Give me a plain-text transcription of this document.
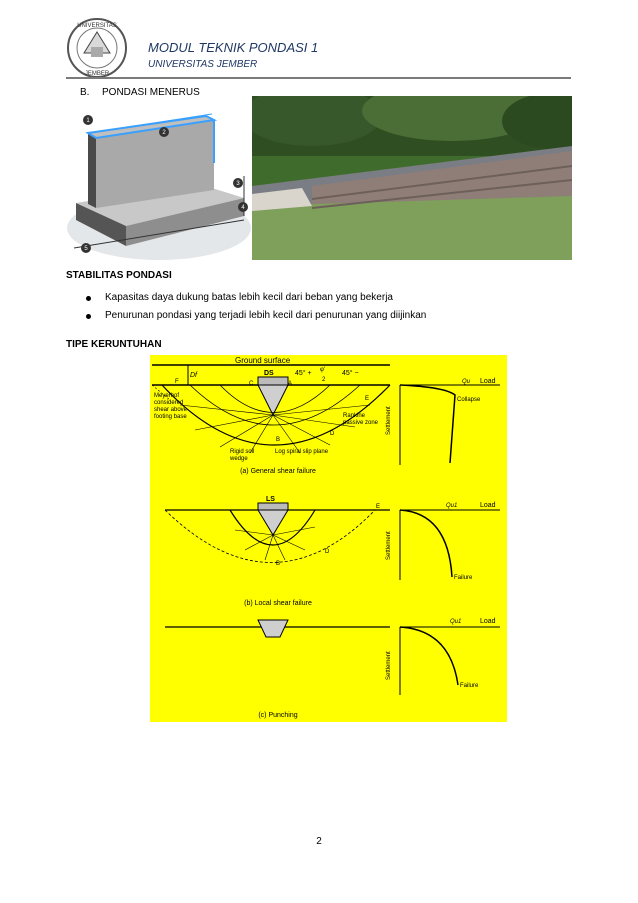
UNIVERSITAS
JEMBER
MODUL TEKNIK PONDASI 1
UNIVERSITAS JEMBER
B. PONDASI MENERUS
1
2
3
4
5
STABILITAS PONDASI
Kapasitas daya dukung batas lebih kecil dari beban yang bekerja
Penurunan pondasi yang terjadi lebih kecil dari penurunan yang diijinkan
TIPE KERUNTUHAN
Ground surface
Df	DS	45° +	45° −
φ'
2
C	A
B
D
E
F
Meyerhof
considered
shear above
footing base	Rankine
passive zone
Rigid soil
wedge
Log spiral slip plane
(a) General shear failure
Load
Qu
Collapse
Settlement
LS
E
B
D
(b) Local shear failure
Load
Qu1
Failure
Settlement
(c) Punching
Load
Qu1
Failure
Settlement
2
